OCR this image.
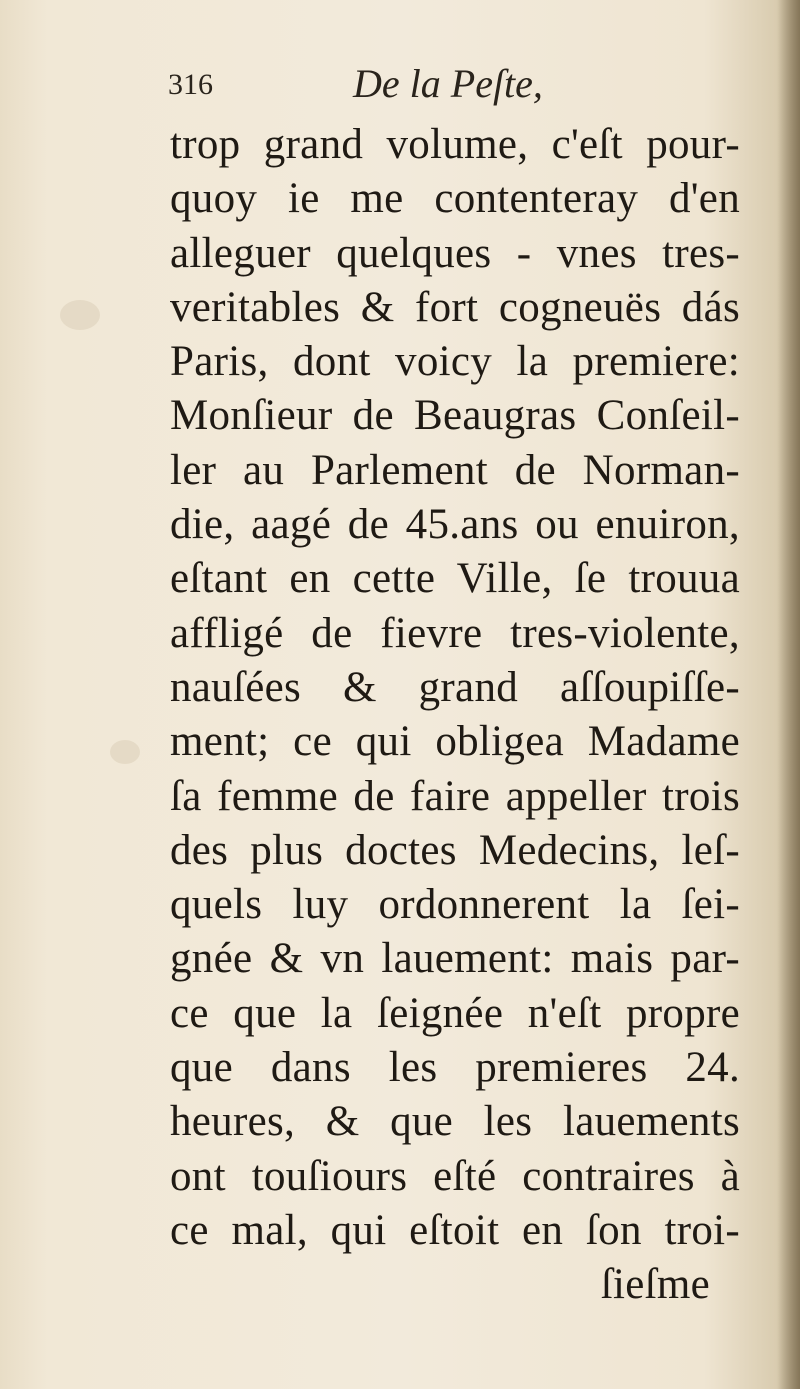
316	De la Peſte,
trop grand volume, c'eſt pour-
quoy ie me contenteray d'en
alleguer quelques - vnes tres-
veritables & fort cogneuës dás
Paris, dont voicy la premiere:
Monſieur de Beaugras Conſeil-
ler au Parlement de Norman-
die, aagé de 45.ans ou enuiron,
eſtant en cette Ville, ſe trouua
affligé de fievre tres-violente,
nauſées & grand aſſoupiſſe-
ment; ce qui obligea Madame
ſa femme de faire appeller trois
des plus doctes Medecins, leſ-
quels luy ordonnerent la ſei-
gnée & vn lauement: mais par-
ce que la ſeignée n'eſt propre
que dans les premieres 24.
heures, & que les lauements
ont touſiours eſté contraires à
ce mal, qui eſtoit en ſon troi-
ſieſme
